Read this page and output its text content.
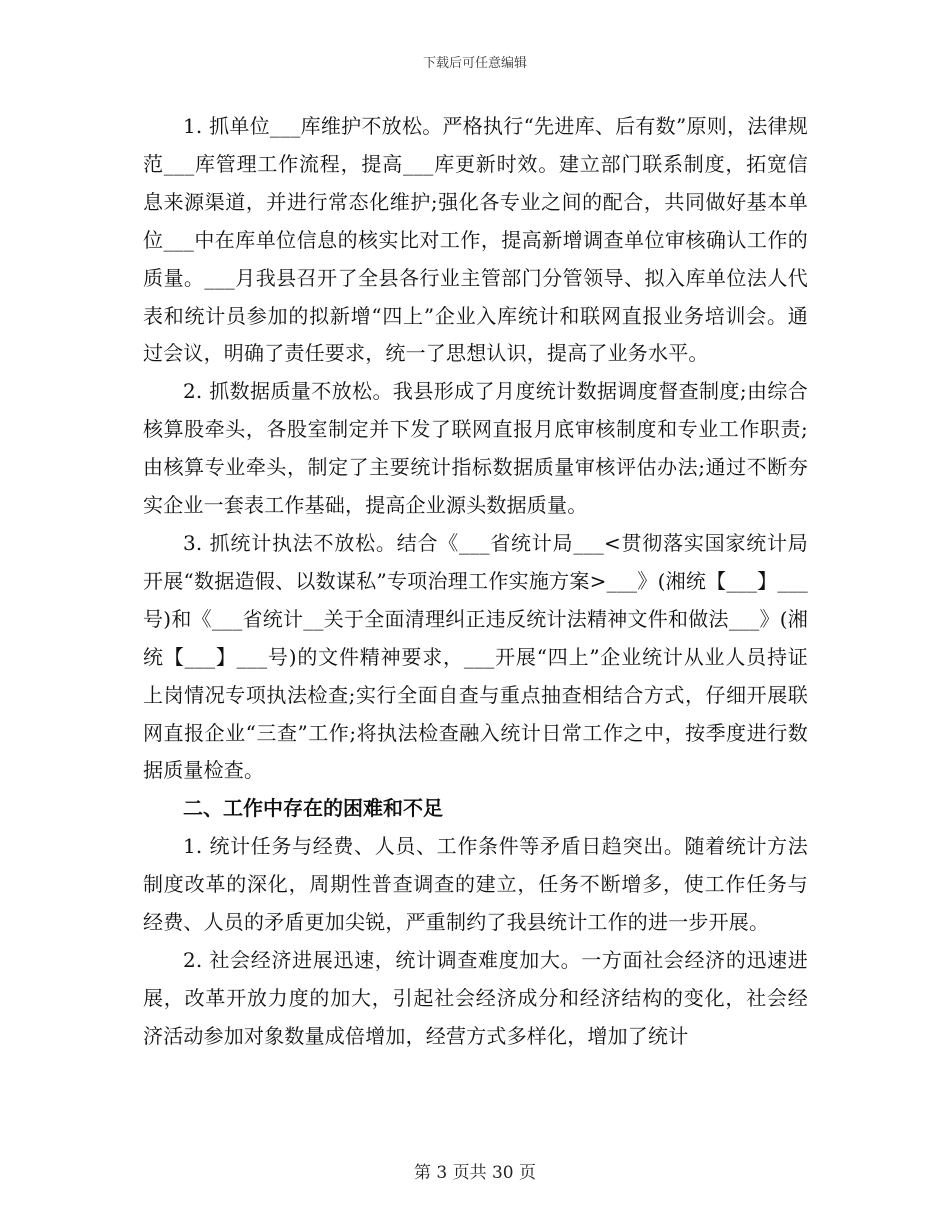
下载后可任意编辑

1. 抓单位___库维护不放松。严格执行“先进库、后有数”原则，法律规范___库管理工作流程，提高___库更新时效。建立部门联系制度，拓宽信息来源渠道，并进行常态化维护;强化各专业之间的配合，共同做好基本单位___中在库单位信息的核实比对工作，提高新增调查单位审核确认工作的质量。___月我县召开了全县各行业主管部门分管领导、拟入库单位法人代表和统计员参加的拟新增“四上”企业入库统计和联网直报业务培训会。通过会议，明确了责任要求，统一了思想认识，提高了业务水平。

2. 抓数据质量不放松。我县形成了月度统计数据调度督查制度;由综合核算股牵头，各股室制定并下发了联网直报月底审核制度和专业工作职责;由核算专业牵头，制定了主要统计指标数据质量审核评估办法;通过不断夯实企业一套表工作基础，提高企业源头数据质量。

3. 抓统计执法不放松。结合《___省统计局___<贯彻落实国家统计局开展“数据造假、以数谋私”专项治理工作实施方案>___》(湘统【___】___号)和《___省统计__关于全面清理纠正违反统计法精神文件和做法___》(湘统【___】___号)的文件精神要求，___开展“四上”企业统计从业人员持证上岗情况专项执法检查;实行全面自查与重点抽查相结合方式，仔细开展联网直报企业“三查”工作;将执法检查融入统计日常工作之中，按季度进行数据质量检查。

二、工作中存在的困难和不足

1. 统计任务与经费、人员、工作条件等矛盾日趋突出。随着统计方法制度改革的深化，周期性普查调查的建立，任务不断增多，使工作任务与经费、人员的矛盾更加尖锐，严重制约了我县统计工作的进一步开展。

2. 社会经济进展迅速，统计调查难度加大。一方面社会经济的迅速进展，改革开放力度的加大，引起社会经济成分和经济结构的变化，社会经济活动参加对象数量成倍增加，经营方式多样化，增加了统计

第 3 页共 30 页
